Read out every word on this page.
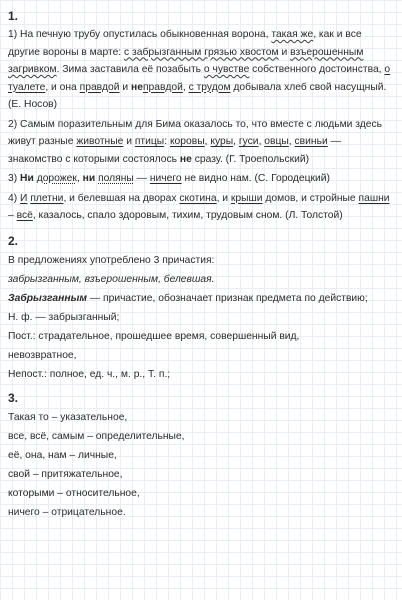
1.

1) На печную трубу опустилась обыкновенная ворона, такая же, как и все другие вороны в марте: с забрызганным грязью хвостом и взъерошенным загривком. Зима заставила её позабыть о чувстве собственного достоинства, о туалете, и она правдой и неправдой, с трудом добывала хлеб свой насущный. (Е. Носов)

2) Самым поразительным для Бима оказалось то, что вместе с людьми здесь живут разные животные и птицы: коровы, куры, гуси, овцы, свиньи — знакомство с которыми состоялось не сразу. (Г. Троепольский)

3) Ни дорожек, ни поляны — ничего не видно нам. (С. Городецкий)

4) И плетни, и белевшая на дворах скотина, и крыши домов, и стройные пашни – всё, казалось, спало здоровым, тихим, трудовым сном. (Л. Толстой)

2.

В предложениях употреблено 3 причастия:

забрызганным, взъерошенным, белевшая.

Забрызганным — причастие, обозначает признак предмета по действию;

Н. ф. — забрызганный;

Пост.: страдательное, прошедшее время, совершенный вид,

невозвратное,

Непост.: полное, ед. ч., м. р., Т. п.;

3.

Такая то – указательное,

все, всё, самым – определительные,

её, она, нам – личные,

свой – притяжательное,

которыми – относительное,

ничего – отрицательное.
